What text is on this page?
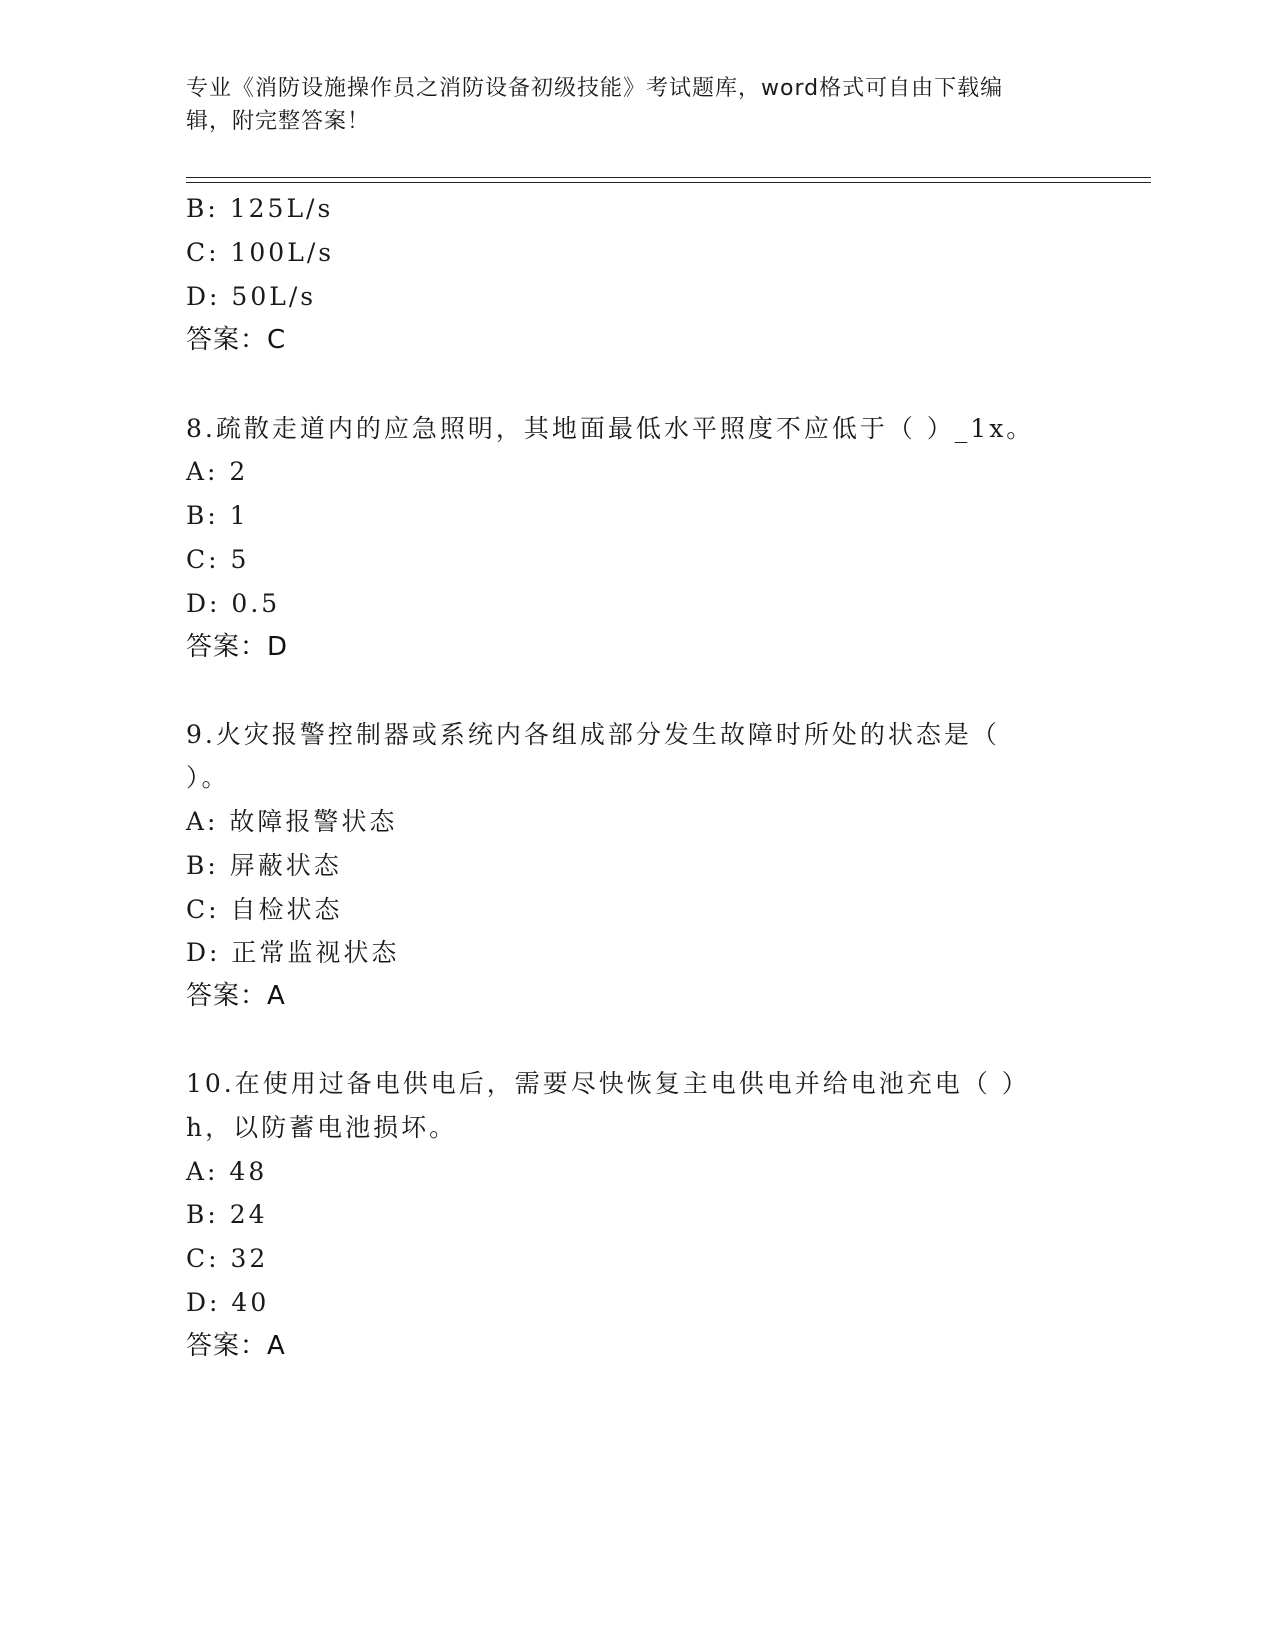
专业《消防设施操作员之消防设备初级技能》考试题库，word格式可自由下载编
辑，附完整答案！
B: 125L/s
C: 100L/s
D: 50L/s
答案：C
8.疏散走道内的应急照明，其地面最低水平照度不应低于（ ）_1x。
A: 2
B: 1
C: 5
D: 0.5
答案：D
9.火灾报警控制器或系统内各组成部分发生故障时所处的状态是（
）。
A: 故障报警状态
B: 屏蔽状态
C: 自检状态
D: 正常监视状态
答案：A
10.在使用过备电供电后，需要尽快恢复主电供电并给电池充电（ ）
h，以防蓄电池损坏。
A: 48
B: 24
C: 32
D: 40
答案：A
